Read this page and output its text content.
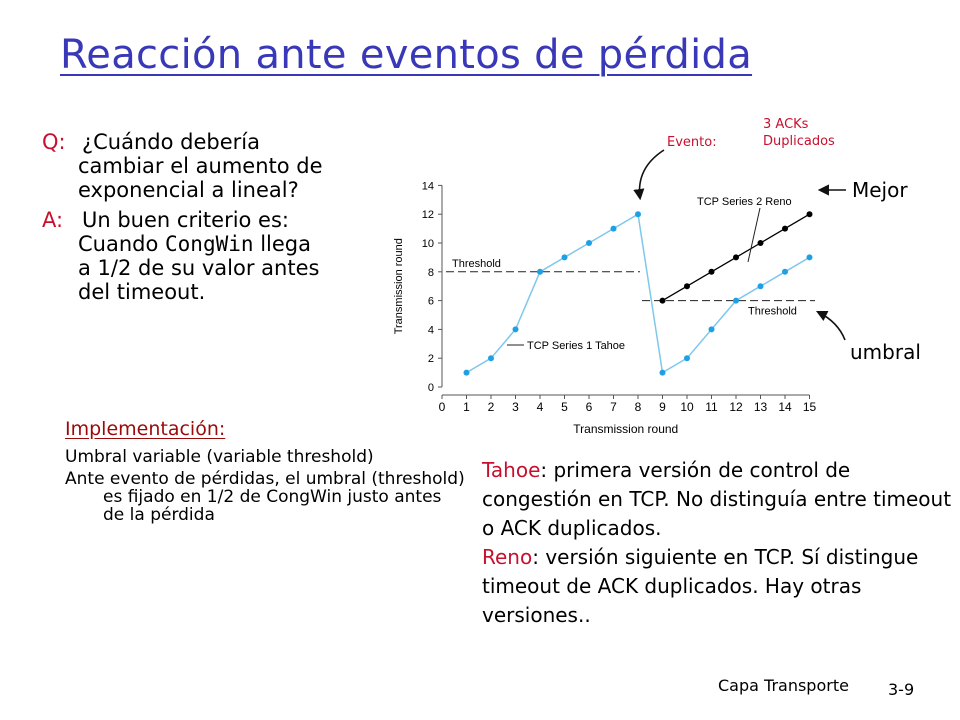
Reacción ante eventos de pérdida
Q: ¿Cuándo debería
cambiar el aumento de
exponencial a lineal?
A: Un buen criterio es:
Cuando CongWin llega
a 1/2 de su valor antes
del timeout.
0
2
4
6
8
10
12
14
0 1 2 3 4 5 6 7 8 9 10 11 12 13 14 15
Transmission round
Transmission round	Threshold
Threshold
TCP Series 1 Tahoe
TCP Series 2 Reno
Evento:
3 ACKs
Duplicados
Mejor
umbral
Implementación:

Umbral variable (variable threshold)

Ante evento de pérdidas, el umbral (threshold) es fijado en 1/2 de CongWin justo antes de la pérdida

Tahoe: primera versión de control de congestión en TCP. No distinguía entre timeout o ACK duplicados.

Reno: versión siguiente en TCP. Sí distingue timeout de ACK duplicados. Hay otras versiones..

Capa Transporte 3-9
